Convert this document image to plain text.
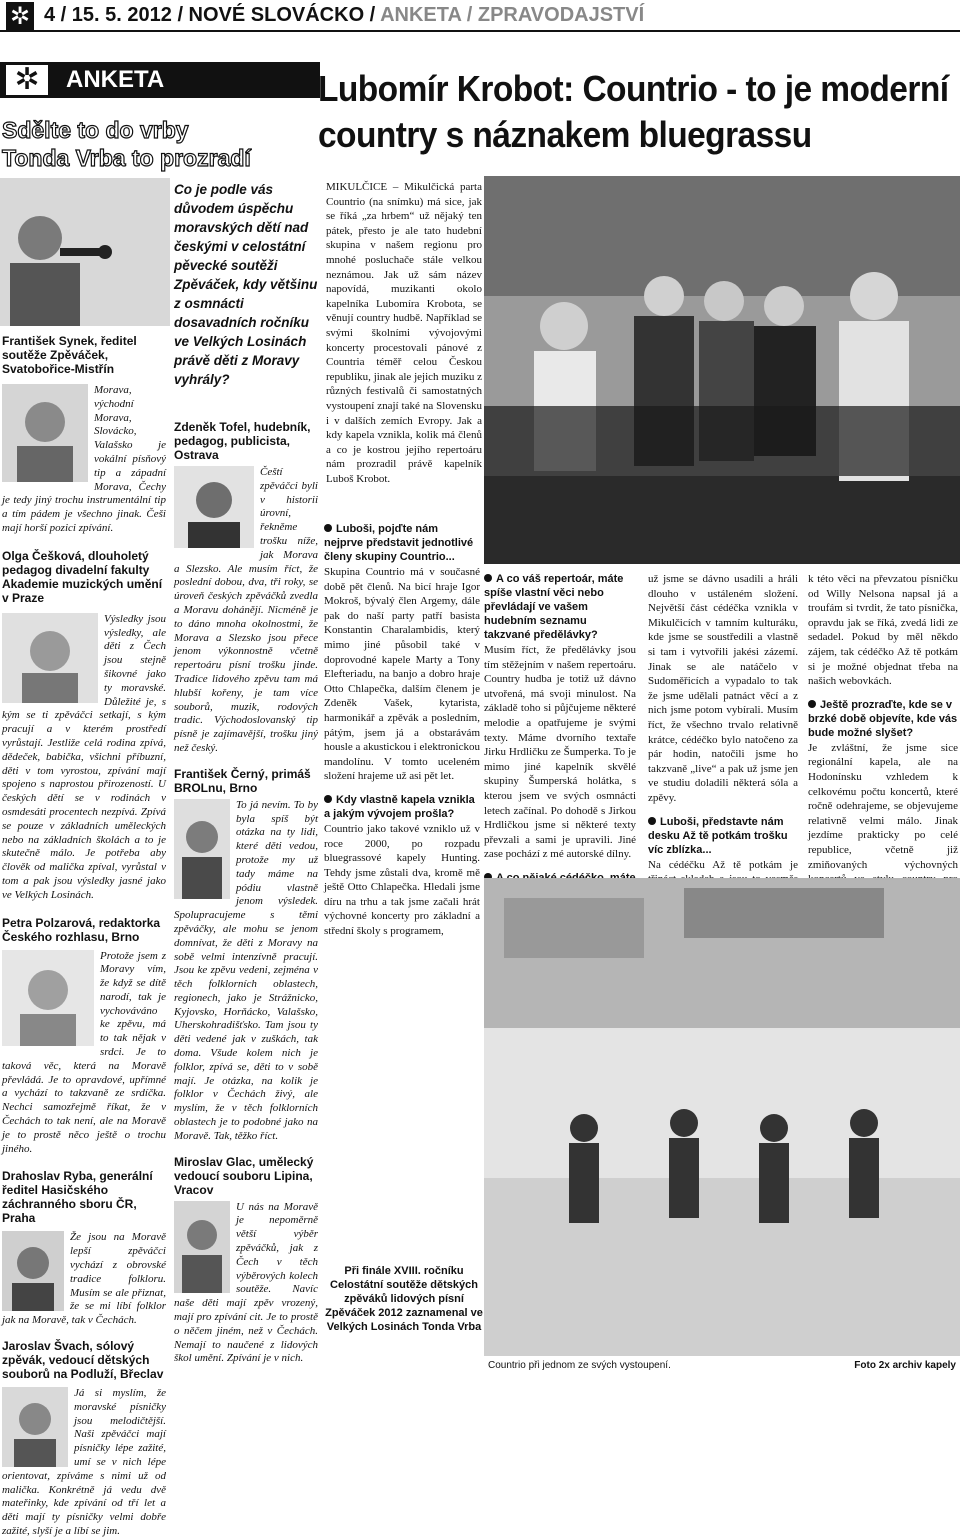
✲ 4 / 15. 5. 2012 / NOVÉ SLOVÁCKO / ANKETA / ZPRAVODAJSTVÍ
✲	ANKETA
Sdělte to do vrby
Tonda Vrba to prozradí
Lubomír Krobot: Countrio - to je moderní
country s náznakem bluegrassu
Co je podle vás důvodem úspěchu moravských dětí nad českými v celostátní pěvecké soutěži Zpěváček, kdy většinu z osmnácti dosavadních ročníku ve Velkých Losinách právě děti z Moravy vyhrály?
František Synek, ředitel soutěže Zpěváček, Svatobořice-Mistřín

Morava, východní Morava, Slovácko, Valašsko je vokální písňový tip a západní Morava, Čechy je tedy jiný trochu instrumentální tip a tím pádem je všechno jinak. Češi mají horší pozici zpívání.

Olga Češková, dlouholetý pedagog divadelní fakulty Akademie muzických umění v Praze

Výsledky jsou výsledky, ale děti z Čech jsou stejně šikovné jako ty moravské. Důležité je, s kým se ti zpěváčci setkají, s kým pracují a v kterém prostředí vyrůstají. Jestliže celá rodina zpívá, dědeček, babička, všichni příbuzní, děti v tom vyrostou, zpívání mají spojeno s naprostou přirozeností. U českých dětí se v rodinách v osmdesáti procentech nezpívá. Zpívá se pouze v základních uměleckých nebo na základních školách a to je skutečně málo. Je potřeba aby člověk od malička zpíval, vyrůstal v tom a pak jsou výsledky jasné jako ve Velkých Losinách.

Petra Polzarová, redaktorka Českého rozhlasu, Brno

Protože jsem z Moravy vím, že když se dítě narodí, tak je vychováváno ke zpěvu, má to tak nějak v srdci. Je to taková věc, která na Moravě převládá. Je to opravdové, upřímné a vychází to takzvaně ze srdíčka. Nechci samozřejmě říkat, že v Čechách to tak není, ale na Moravě je to prostě něco ještě o trochu jiného.

Drahoslav Ryba, generální ředitel Hasičského záchranného sboru ČR, Praha

Že jsou na Moravě lepší zpěváčci vychází z obrovské tradice folkloru. Musím se ale přiznat, že se mi líbí folklor jak na Moravě, tak v Čechách.

Jaroslav Švach, sólový zpěvák, vedoucí dětských souborů na Podluží, Břeclav

Já si myslím, že moravské písničky jsou melodičtější. Naši zpěváčci mají písničky lépe zažité, umí se v nich lépe orientovat, zpíváme s nimi už od malička. Konkrétně já vedu dvě mateřinky, kde zpívání od tří let a děti mají ty písničky velmi dobře zažité, slyší je a líbí se jim.

Zdeněk Tofel, hudebník, pedagog, publicista, Ostrava

Čeští zpěváčci byli v historii úrovní, řekněme trošku níže, jak Morava a Slezsko. Ale musím říct, že poslední dobou, dva, tři roky, se úroveň českých zpěváčků zvedla a Moravu dohánějí. Nicméně je to dáno mnoha okolnostmi, že Morava a Slezsko jsou přece jenom výkonnostně včetně repertoáru písní trošku jinde. Tradice lidového zpěvu tam má hlubší kořeny, je tam více souborů, muzik, rodových tradic. Východoslovanský tip písně je zajímavější, trošku jiný než český.

František Černý, primáš BROLnu, Brno

To já nevím. To by byla spíš být otázka na ty lidi, které děti vedou, protože my už tady máme na pódiu vlastně jenom výsledek. Spolupracujeme s těmi zpěváčky, ale mohu se jenom domnívat, že děti z Moravy na sobě velmi intenzívně pracují. Jsou ke zpěvu vedeni, zejména v těch folklorních oblastech, regionech, jako je Strážnicko, Kyjovsko, Horňácko, Valašsko, Uherskohradišťsko. Tam jsou ty děti vedené jak v zuškách, tak doma. Všude kolem nich je folklor, zpívá se, děti to v sobě mají. Je otázka, na kolik je folklor v Čechách živý, ale myslím, že v těch folklorních oblastech je to podobné jako na Moravě. Tak, těžko říct.

Miroslav Glac, umělecký vedoucí souboru Lipina, Vracov

U nás na Moravě je nepoměrně větší výběr zpěváčků, jak z Čech v těch výběrových kolech soutěže. Navíc naše děti mají zpěv vrozený, mají pro zpívání cit. Je to prostě o něčem jiném, než v Čechách. Nemají to naučené z lidových škol umění. Zpívání je v nich.

Při finále XVIII. ročníku Celostátní soutěže dětských zpěváků lidových písní Zpěváček 2012 zaznamenal ve Velkých Losinách Tonda Vrba

MIKULČICE – Mikulčická parta Countrio (na snímku) má sice, jak se říká „za hrbem“ už nějaký ten pátek, přesto je ale tato hudební skupina v našem regionu pro mnohé posluchače stále velkou neznámou. Jak už sám název napovídá, muzikanti okolo kapelníka Lubomíra Krobota, se věnují country hudbě. Například se svými školními vývojovými koncerty procestovali pánové z Countria téměř celou Českou republiku, jinak ale jejich muziku z různých festivalů či samostatných vystoupení znají také na Slovensku i v dalších zemích Evropy. Jak a kdy kapela vznikla, kolik má členů a co je kostrou jejího repertoáru nám prozradil právě kapelník Luboš Krobot.

Luboši, pojďte nám nejprve představit jednotlivé členy skupiny Countrio...

Skupina Countrio má v současné době pět členů. Na bicí hraje Igor Mokroš, bývalý člen Argemy, dále pak do naší party patří basista Konstantin Charalambidis, který mimo jiné působil také v doprovodné kapele Marty a Tony Elefteriadu, na banjo a dobro hraje Otto Chlapečka, dalším členem je Zdeněk Vašek, kytarista, harmonikář a zpěvák a posledním, pátým, jsem já a obstarávám housle a akustickou i elektronickou mandolínu. V tomto uceleném složení hrajeme už asi pět let.

Kdy vlastně kapela vznikla a jakým vývojem prošla?

Countrio jako takové vzniklo už v roce 2000, po rozpadu bluegrassové kapely Hunting. Tehdy jsme zůstali dva, kromě mě ještě Otto Chlapečka. Hledali jsme díru na trhu a tak jsme začali hrát výchovné koncerty pro základní a střední školy s programem,

A co váš repertoár, máte spíše vlastní věci nebo převládají ve vašem hudebním seznamu takzvané předělávky?

Musím říct, že předělávky jsou tím stěžejním v našem repertoáru. Country hudba je totiž už dávno utvořená, má svoji minulost. Na základě toho si půjčujeme některé melodie a opatřujeme je svými texty. Máme dvorního textaře Jirku Hrdličku ze Šumperka. To je mimo jiné kapelník skvělé skupiny Šumperská holátka, s kterou jsem ve svých osmnácti letech začínal. Po dohodě s Jirkou Hrdličkou jsme si některé texty převzali a sami je upravili. Jiné zase pochází z mé autorské dílny.

už jsme se dávno usadili a hráli dlouho v ustáleném složení. Největší část cédéčka vznikla v Mikulčicích v tamním kulturáku, kde jsme se soustředili a vlastně si tam i vytvořili jakési zázemí. Jinak se ale natáčelo v Sudoměřicích a vypadalo to tak že jsme udělali patnáct věcí a z nich jsme potom vybírali. Musím říct, že všechno trvalo relativně krátce, cédéčko bylo natočeno za pár hodin, natočili jsme ho takzvaně „live“ a pak už jsme jen ve studiu doladili některá sóla a zpěvy.

Luboši, představte nám desku Až tě potkám trošku víc zblízka...

Na cédéčku Až tě potkám je

k této věci na převzatou písničku od Willy Nelsona napsal já a troufám si tvrdit, že tato písnička, opravdu jak se říká, zvedá lidi ze sedadel. Pokud by měl někdo zájem, tak cédéčko Až tě potkám si je možné objednat třeba na našich webovkách.

Ještě prozraďte, kde se v brzké době objevíte, kde vás bude možné slyšet?

Je zvláštní, že jsme sice regionální kapela, ale na Hodonínsku vzhledem k celkovému počtu koncertů, které ročně odehrajeme, se objevujeme relativně velmi málo. Jinak jezdíme prakticky po celé republice, včetně již zmiňovaných výchovných

Countrio při jednom ze svých vystoupení.	Foto 2x archiv kapely
